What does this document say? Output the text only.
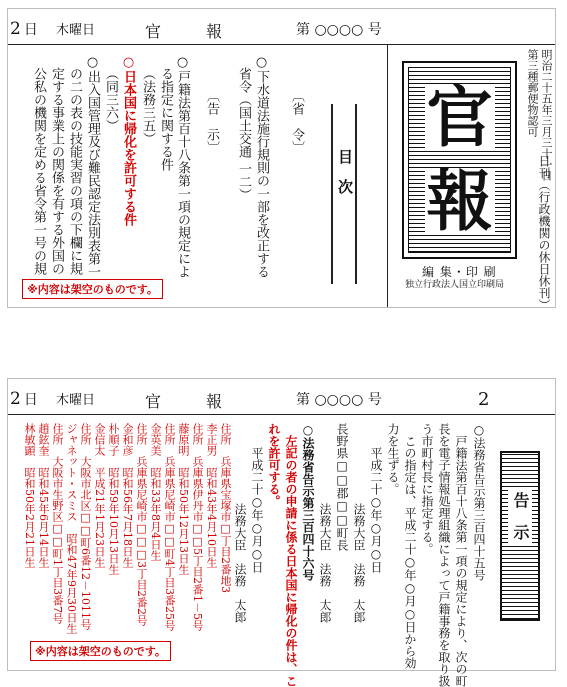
2 日 木曜日	官	報	第 ○○○○ 号
○下水道法施行規則の一部を改正する
省令（国土交通 一二）	〔省　令〕
目　次
〔告　示〕
○戸籍法第百十八条第一項の規定によ
る指定に関する件
（法務三五）
○日本国に帰化を許可する件
（同三六）
○出入国管理及び難民認定法別表第一
の二の表の技能実習の項の下欄に規
定する事業上の関係を有する外国の
公私の機関を定める省令第一号の規
※内容は架空のものです。
官
報
編 集・印 刷
独立行政法人国立印刷局
明治二十五年三月三十一日
第三種郵便物認可
日刊（行政機関の休日休刊）
2 日 木曜日	官	報	第 ○○○○ 号	2
告　示
○法務省告示第三百四十五号
戸籍法第百十八条第一項の規定により、次の町
長を電子情報処理組織によって戸籍事務を取り扱
う市町村長に指定する。
この指定は、平成二十○年○月○日から効
力を生ずる。
平成二十○年○月○日
法務大臣　法務　太郎
長野県□□郡□□町長
法務大臣　法務　太郎
○法務省告示第三百四十六号
左記の者の申請に係る日本国に帰化の件は、こ
れを許可する。
平成二十○年○月○日
法務大臣　法務　太郎
住所　兵庫県宝塚市□丁目2番地3
李正男　昭和43年4月10日生
住所　兵庫県伊丹市□□5丁目2番1－5号
藤原明　昭和50年12月13日生
住所　兵庫県尼崎市□□町4丁目3番25号
金英美　昭和33年8月4日生
住所　兵庫県尼崎市□□□3丁目2番2号
金和彦　昭和56年7月18日生
朴順子　昭和59年10月13日生
金信太　平成21年1月23日生
住所　大阪市北区□□町6番12－1011号
ジャネット・スミス　昭和47年9月30日生
住所　大阪市生野区□□町1丁目3番7号
趙鉉奎　昭和45年6月14日生
林敏顕　昭和50年2月21日生
※内容は架空のものです。
